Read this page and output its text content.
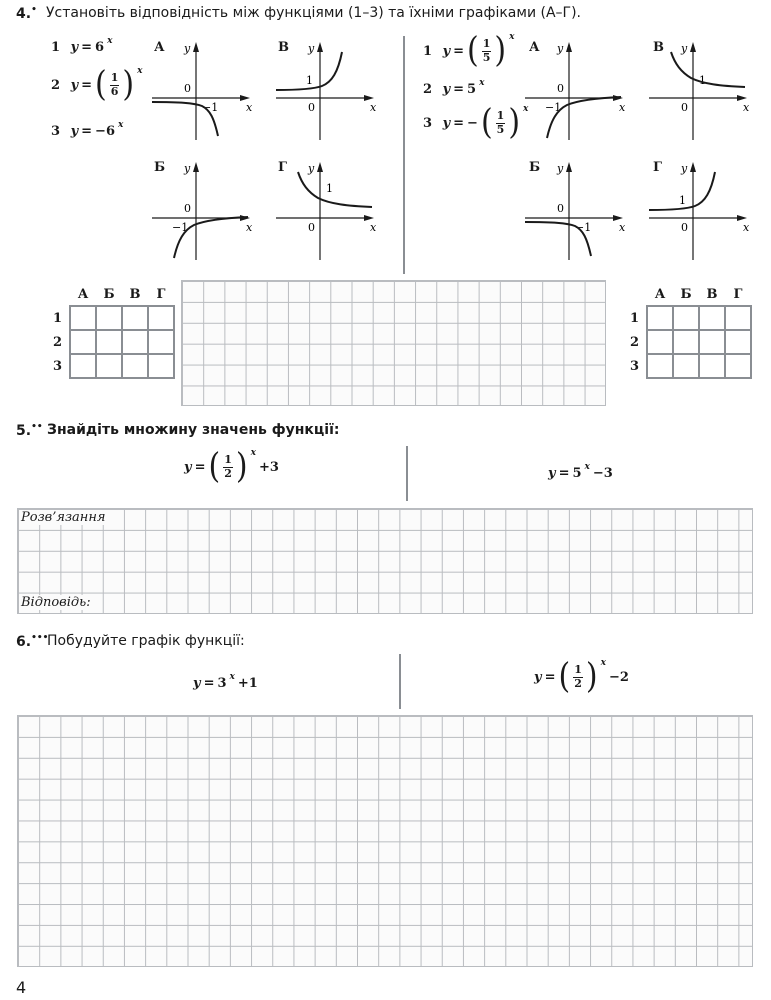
4.• Установіть відповідність між функціями (1–3) та їхніми графіками (А–Г).
1
y = 6 x
2
y = ( $\frac{1}{6}$ ) x
3
y = −6 x
А	В
Б	Г
y
x
0
−1
y
x
0
1
y
x
0
−1
y
x
0
1
1
y = ( $\frac{1}{5}$ ) x
2
y = 5 x
3
y = − ( $\frac{1}{5}$ ) x
А	В
Б	Г
y
x
0
−1
y
x
0
1
y
x
0
−1
y
x
0
1
	А	Б	В	Г
1				
2				
3				
	А	Б	В	Г
1				
2				
3				
5.•• Знайдіть множину значень функції:
y = ( $\frac{1}{2}$ ) x
+3	y = 5 x −3
Розв’язання
Відповідь:
6.•••
Побудуйте графік функції:
y = 3 x +1	y = ( $\frac{1}{2}$ ) x
−2
4
